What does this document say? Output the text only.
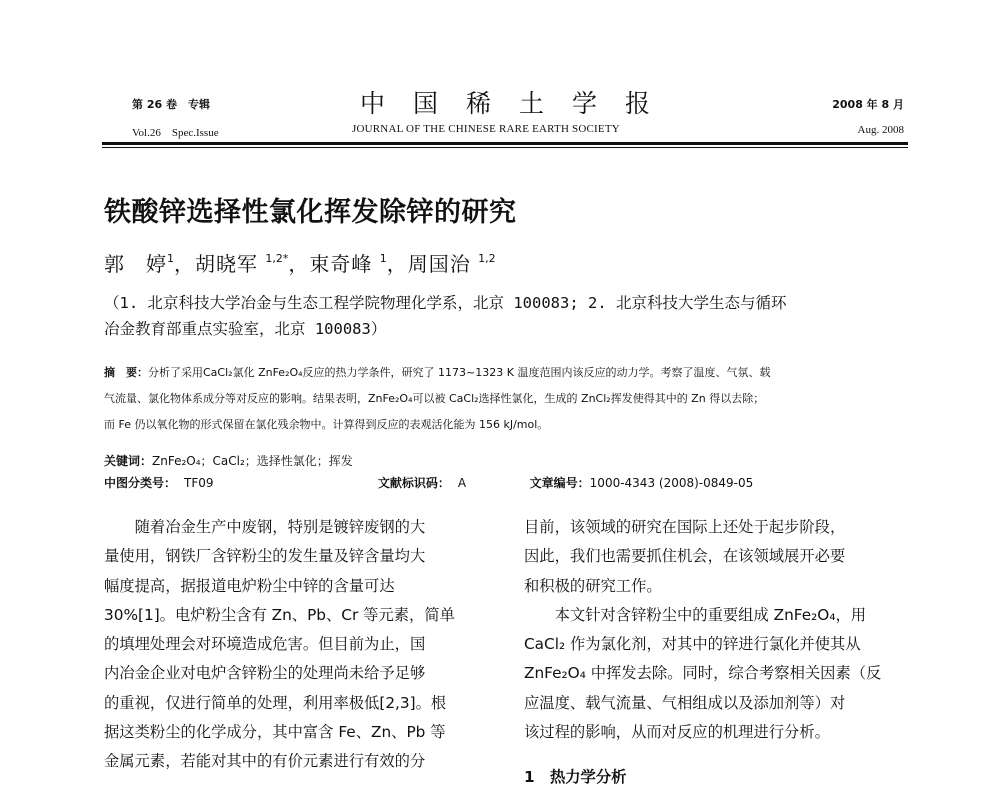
第 26 卷　专辑
Vol.26　Spec.Issue
中国稀土学报
JOURNAL OF THE CHINESE RARE EARTH SOCIETY
2008 年 8 月
Aug. 2008
铁酸锌选择性氯化挥发除锌的研究
郭　婷$^1$，胡晓军 $^{1,2*}$，束奇峰 $^1$，周国治 $^{1,2}$
（1. 北京科技大学冶金与生态工程学院物理化学系，北京 100083; 2. 北京科技大学生态与循环
冶金教育部重点实验室，北京 100083）
摘　要：分析了采用CaCl₂氯化 ZnFe₂O₄反应的热力学条件，研究了 1173~1323 K 温度范围内该反应的动力学。考察了温度、气氛、载
气流量、氯化物体系成分等对反应的影响。结果表明，ZnFe₂O₄可以被 CaCl₂选择性氯化，生成的 ZnCl₂挥发使得其中的 Zn 得以去除；
而 Fe 仍以氧化物的形式保留在氯化残余物中。计算得到反应的表观活化能为 156 kJ/mol。
关键词：ZnFe₂O₄；CaCl₂；选择性氯化；挥发
中图分类号： TF09	文献标识码： A	文章编号：1000-4343 (2008)-0849-05

随着冶金生产中废钢，特别是镀锌废钢的大

量使用，钢铁厂含锌粉尘的发生量及锌含量均大

幅度提高，据报道电炉粉尘中锌的含量可达

30%[1]。电炉粉尘含有 Zn、Pb、Cr 等元素，简单

的填埋处理会对环境造成危害。但目前为止，国

内冶金企业对电炉含锌粉尘的处理尚未给予足够

的重视，仅进行简单的处理，利用率极低[2,3]。根

据这类粉尘的化学成分，其中富含 Fe、Zn、Pb 等

金属元素，若能对其中的有价元素进行有效的分

目前，该领域的研究在国际上还处于起步阶段，

因此，我们也需要抓住机会，在该领域展开必要

和积极的研究工作。

本文针对含锌粉尘中的重要组成 ZnFe₂O₄，用

CaCl₂ 作为氯化剂，对其中的锌进行氯化并使其从

ZnFe₂O₄ 中挥发去除。同时，综合考察相关因素（反

应温度、载气流量、气相组成以及添加剂等）对

该过程的影响，从而对反应的机理进行分析。

1　热力学分析
